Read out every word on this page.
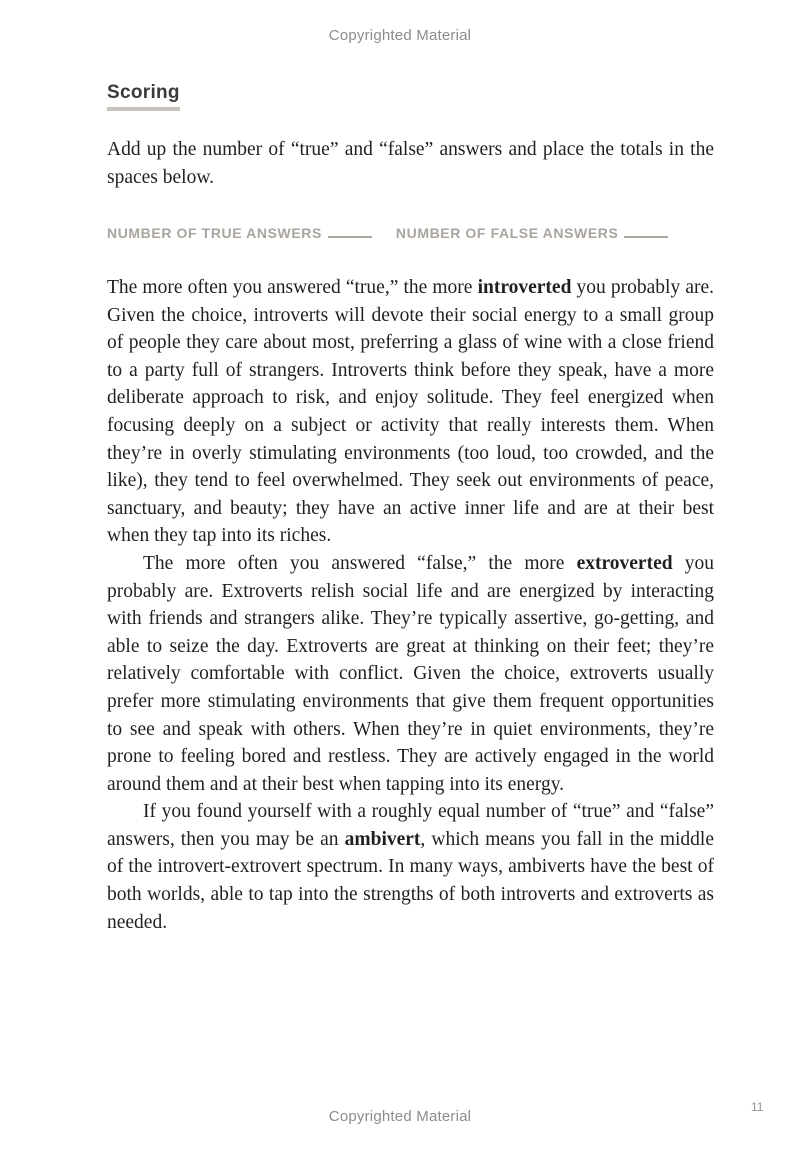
Copyrighted Material
Scoring

Add up the number of “true” and “false” answers and place the totals in the spaces below.

NUMBER OF TRUE ANSWERS	NUMBER OF FALSE ANSWERS

The more often you answered “true,” the more introverted you probably are. Given the choice, introverts will devote their social energy to a small group of people they care about most, preferring a glass of wine with a close friend to a party full of strangers. Introverts think before they speak, have a more deliberate approach to risk, and enjoy solitude. They feel energized when focusing deeply on a subject or activity that really interests them. When they’re in overly stimulating environments (too loud, too crowded, and the like), they tend to feel overwhelmed. They seek out environments of peace, sanctuary, and beauty; they have an active inner life and are at their best when they tap into its riches.

The more often you answered “false,” the more extroverted you probably are. Extroverts relish social life and are energized by interacting with friends and strangers alike. They’re typically assertive, go-getting, and able to seize the day. Extroverts are great at thinking on their feet; they’re relatively comfortable with conflict. Given the choice, extroverts usually prefer more stimulating environments that give them frequent opportunities to see and speak with others. When they’re in quiet environments, they’re prone to feeling bored and restless. They are actively engaged in the world around them and at their best when tapping into its energy.

If you found yourself with a roughly equal number of “true” and “false” answers, then you may be an ambivert, which means you fall in the middle of the introvert-extrovert spectrum. In many ways, ambiverts have the best of both worlds, able to tap into the strengths of both introverts and extroverts as needed.

11
Copyrighted Material
